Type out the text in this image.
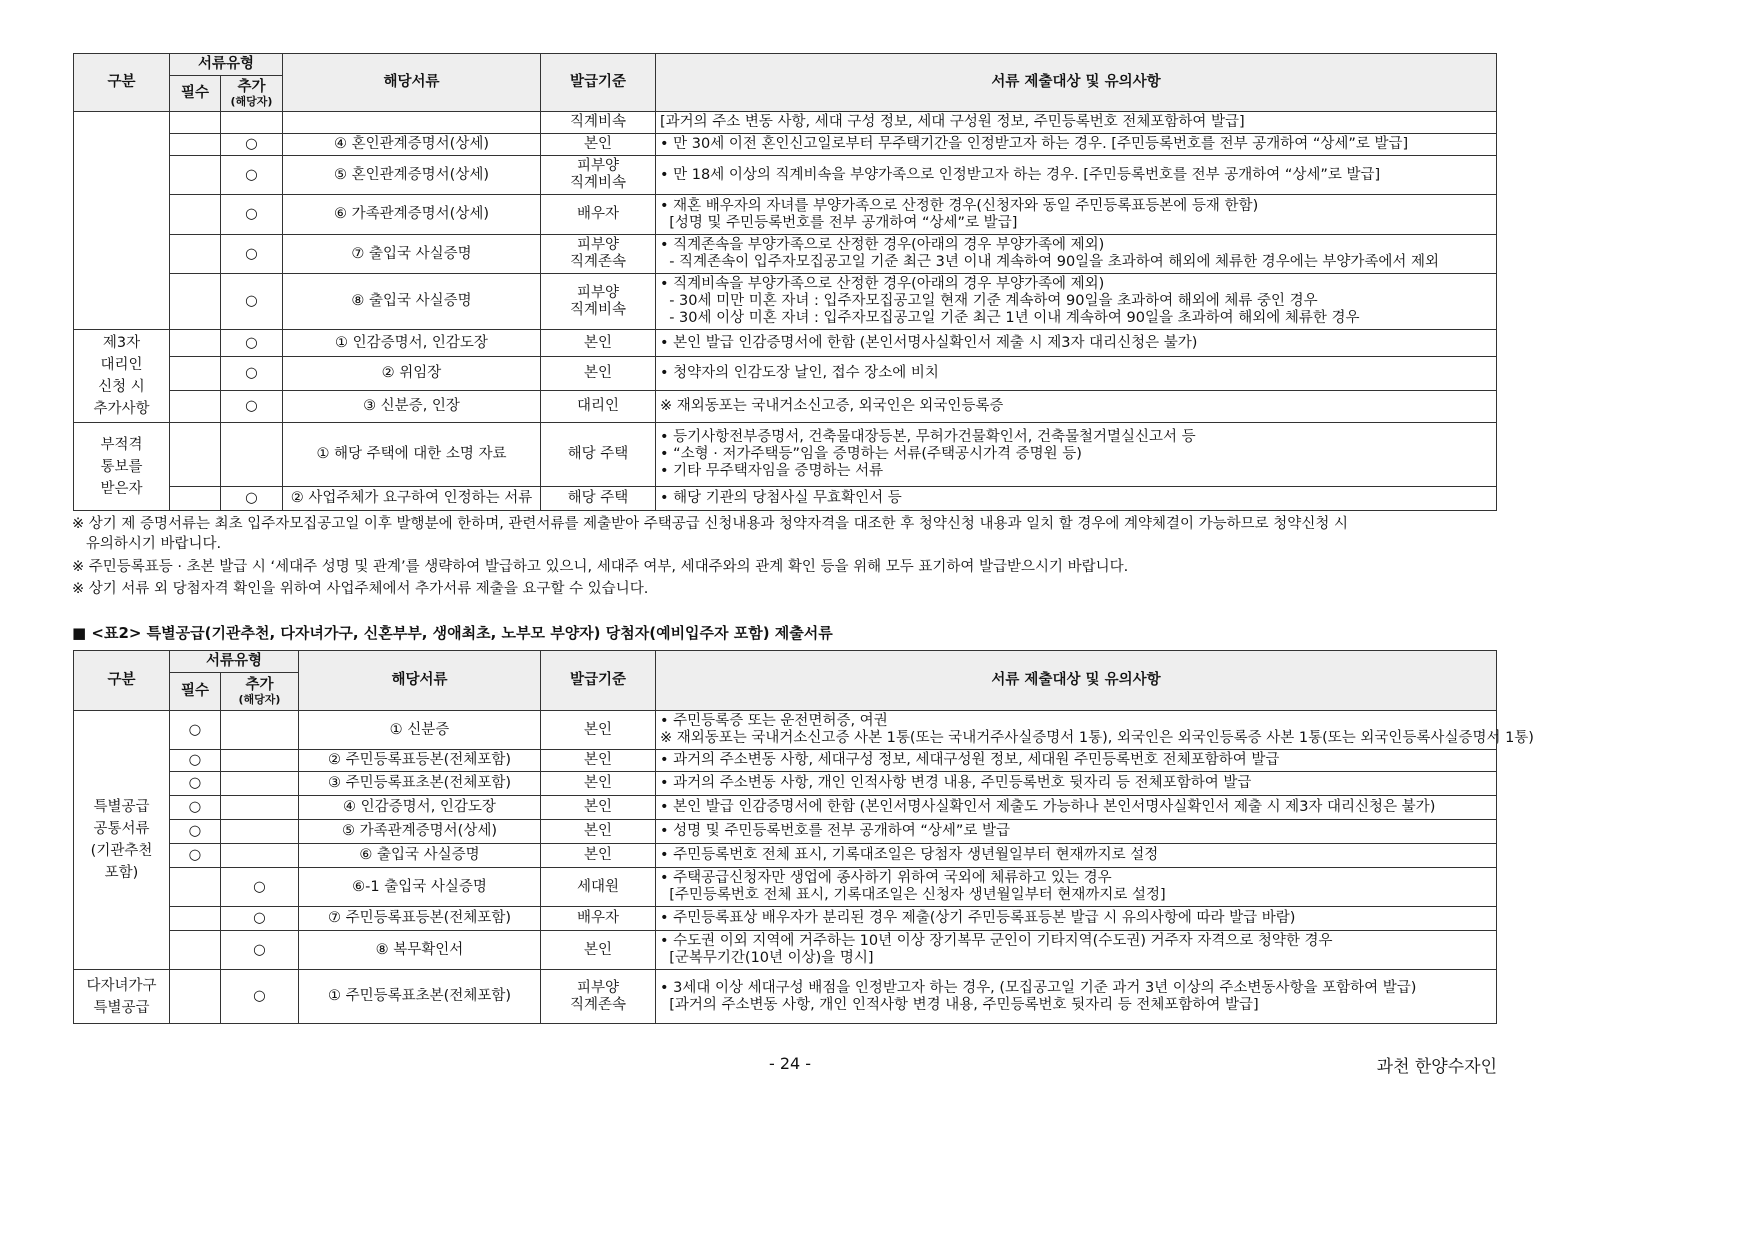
구분	서류유형		해당서류	발급기준	서류 제출대상 및 유의사항
	필수	추가
(해당자)			

				직계비속	[과거의 주소 변동 사항, 세대 구성 정보, 세대 구성원 정보, 주민등록번호 전체포함하여 발급]

		○	④ 혼인관계증명서(상세)	본인	• 만 30세 이전 혼인신고일로부터 무주택기간을 인정받고자 하는 경우. [주민등록번호를 전부 공개하여 “상세”로 발급]

		○	⑤ 혼인관계증명서(상세)	피부양
직계비속	• 만 18세 이상의 직계비속을 부양가족으로 인정받고자 하는 경우. [주민등록번호를 전부 공개하여 “상세”로 발급]

		○	⑥ 가족관계증명서(상세)	배우자	• 재혼 배우자의 자녀를 부양가족으로 산정한 경우(신청자와 동일 주민등록표등본에 등재 한함)
[성명 및 주민등록번호를 전부 공개하여 “상세”로 발급]

		○	⑦ 출입국 사실증명	피부양
직계존속	• 직계존속을 부양가족으로 산정한 경우(아래의 경우 부양가족에 제외)
- 직계존속이 입주자모집공고일 기준 최근 3년 이내 계속하여 90일을 초과하여 해외에 체류한 경우에는 부양가족에서 제외

		○	⑧ 출입국 사실증명	피부양
직계비속	• 직계비속을 부양가족으로 산정한 경우(아래의 경우 부양가족에 제외)
- 30세 미만 미혼 자녀 : 입주자모집공고일 현재 기준 계속하여 90일을 초과하여 해외에 체류 중인 경우
- 30세 이상 미혼 자녀 : 입주자모집공고일 기준 최근 1년 이내 계속하여 90일을 초과하여 해외에 체류한 경우

제3자
대리인
신청 시
추가사항		○	① 인감증명서, 인감도장	본인	• 본인 발급 인감증명서에 한함 (본인서명사실확인서 제출 시 제3자 대리신청은 불가)

		○	② 위임장	본인	• 청약자의 인감도장 날인, 접수 장소에 비치

		○	③ 신분증, 인장	대리인	※ 재외동포는 국내거소신고증, 외국인은 외국인등록증

부적격
통보를
받은자			① 해당 주택에 대한 소명 자료	해당 주택	• 등기사항전부증명서, 건축물대장등본, 무허가건물확인서, 건축물철거멸실신고서 등
• “소형 · 저가주택등”임을 증명하는 서류(주택공시가격 증명원 등)
• 기타 무주택자임을 증명하는 서류

		○	② 사업주체가 요구하여 인정하는 서류	해당 주택	• 해당 기관의 당첨사실 무효확인서 등
※ 상기 제 증명서류는 최초 입주자모집공고일 이후 발행분에 한하며, 관련서류를 제출받아 주택공급 신청내용과 청약자격을 대조한 후 청약신청 내용과 일치 할 경우에 계약체결이 가능하므로 청약신청 시
유의하시기 바랍니다.
※ 주민등록표등 · 초본 발급 시 ‘세대주 성명 및 관계’를 생략하여 발급하고 있으니, 세대주 여부, 세대주와의 관계 확인 등을 위해 모두 표기하여 발급받으시기 바랍니다.
※ 상기 서류 외 당첨자격 확인을 위하여 사업주체에서 추가서류 제출을 요구할 수 있습니다.
■ <표2> 특별공급(기관추천, 다자녀가구, 신혼부부, 생애최초, 노부모 부양자) 당첨자(예비입주자 포함) 제출서류
구분	서류유형		해당서류	발급기준	서류 제출대상 및 유의사항
	필수	추가
(해당자)			

특별공급
공통서류
(기관추천
포함)	○		① 신분증	본인	• 주민등록증 또는 운전면허증, 여권
※ 재외동포는 국내거소신고증 사본 1통(또는 국내거주사실증명서 1통), 외국인은 외국인등록증 사본 1통(또는 외국인등록사실증명서 1통)

	○		② 주민등록표등본(전체포함)	본인	• 과거의 주소변동 사항, 세대구성 정보, 세대구성원 정보, 세대원 주민등록번호 전체포함하여 발급

	○		③ 주민등록표초본(전체포함)	본인	• 과거의 주소변동 사항, 개인 인적사항 변경 내용, 주민등록번호 뒷자리 등 전체포함하여 발급

	○		④ 인감증명서, 인감도장	본인	• 본인 발급 인감증명서에 한함 (본인서명사실확인서 제출도 가능하나 본인서명사실확인서 제출 시 제3자 대리신청은 불가)

	○		⑤ 가족관계증명서(상세)	본인	• 성명 및 주민등록번호를 전부 공개하여 “상세”로 발급

	○		⑥ 출입국 사실증명	본인	• 주민등록번호 전체 표시, 기록대조일은 당첨자 생년월일부터 현재까지로 설정

		○	⑥-1 출입국 사실증명	세대원	• 주택공급신청자만 생업에 종사하기 위하여 국외에 체류하고 있는 경우
[주민등록번호 전체 표시, 기록대조일은 신청자 생년월일부터 현재까지로 설정]

		○	⑦ 주민등록표등본(전체포함)	배우자	• 주민등록표상 배우자가 분리된 경우 제출(상기 주민등록표등본 발급 시 유의사항에 따라 발급 바람)

		○	⑧ 복무확인서	본인	• 수도권 이외 지역에 거주하는 10년 이상 장기복무 군인이 기타지역(수도권) 거주자 자격으로 청약한 경우
[군복무기간(10년 이상)을 명시]

다자녀가구
특별공급		○	① 주민등록표초본(전체포함)	피부양
직계존속	• 3세대 이상 세대구성 배점을 인정받고자 하는 경우, (모집공고일 기준 과거 3년 이상의 주소변동사항을 포함하여 발급)
[과거의 주소변동 사항, 개인 인적사항 변경 내용, 주민등록번호 뒷자리 등 전체포함하여 발급]
- 24 -	과천 한양수자인
